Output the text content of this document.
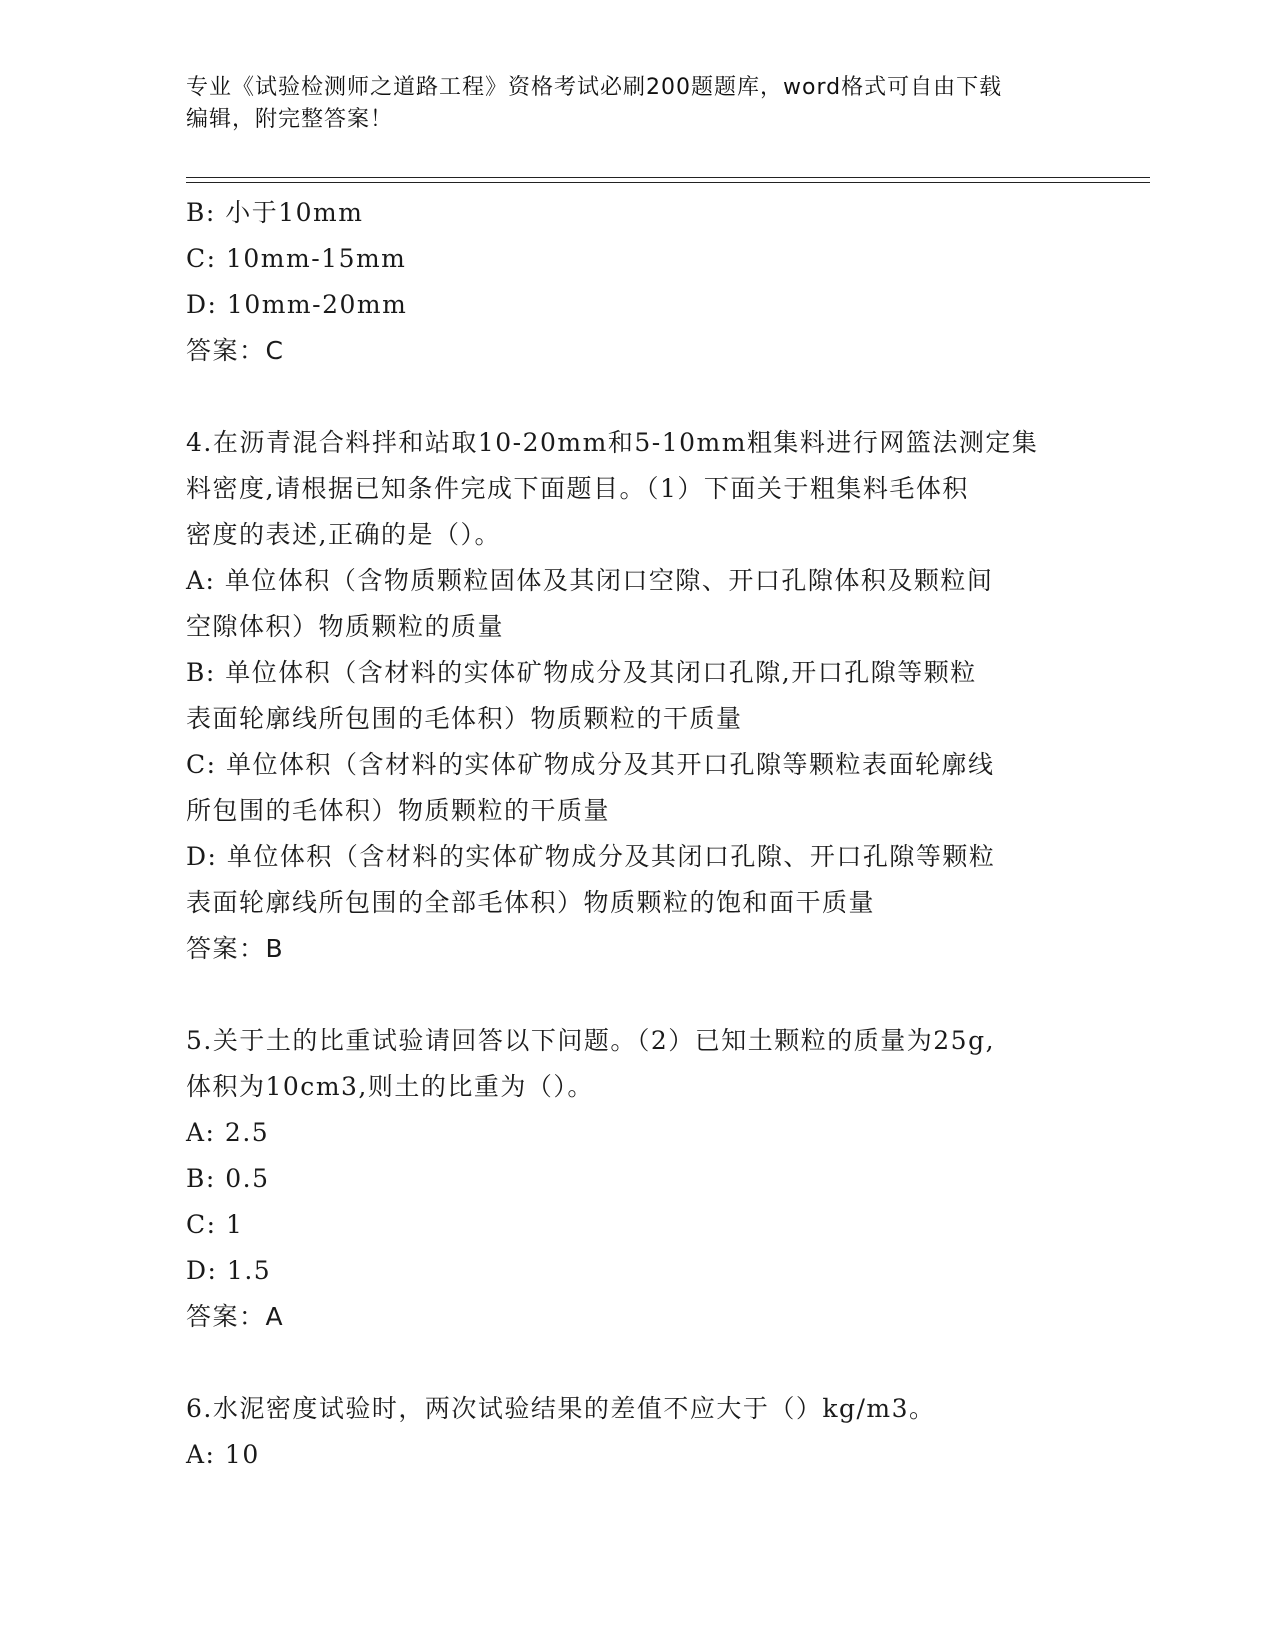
专业《试验检测师之道路工程》资格考试必刷200题题库，word格式可自由下载
编辑，附完整答案！
B: 小于10mm
C: 10mm-15mm
D: 10mm-20mm
答案：C
4.在沥青混合料拌和站取10-20mm和5-10mm粗集料进行网篮法测定集
料密度,请根据已知条件完成下面题目。（1）下面关于粗集料毛体积
密度的表述,正确的是（）。
A: 单位体积（含物质颗粒固体及其闭口空隙、开口孔隙体积及颗粒间
空隙体积）物质颗粒的质量
B: 单位体积（含材料的实体矿物成分及其闭口孔隙,开口孔隙等颗粒
表面轮廓线所包围的毛体积）物质颗粒的干质量
C: 单位体积（含材料的实体矿物成分及其开口孔隙等颗粒表面轮廓线
所包围的毛体积）物质颗粒的干质量
D: 单位体积（含材料的实体矿物成分及其闭口孔隙、开口孔隙等颗粒
表面轮廓线所包围的全部毛体积）物质颗粒的饱和面干质量
答案：B
5.关于土的比重试验请回答以下问题。（2）已知土颗粒的质量为25g,
体积为10cm3,则土的比重为（）。
A: 2.5
B: 0.5
C: 1
D: 1.5
答案：A
6.水泥密度试验时，两次试验结果的差值不应大于（）kg/m3。
A: 10
